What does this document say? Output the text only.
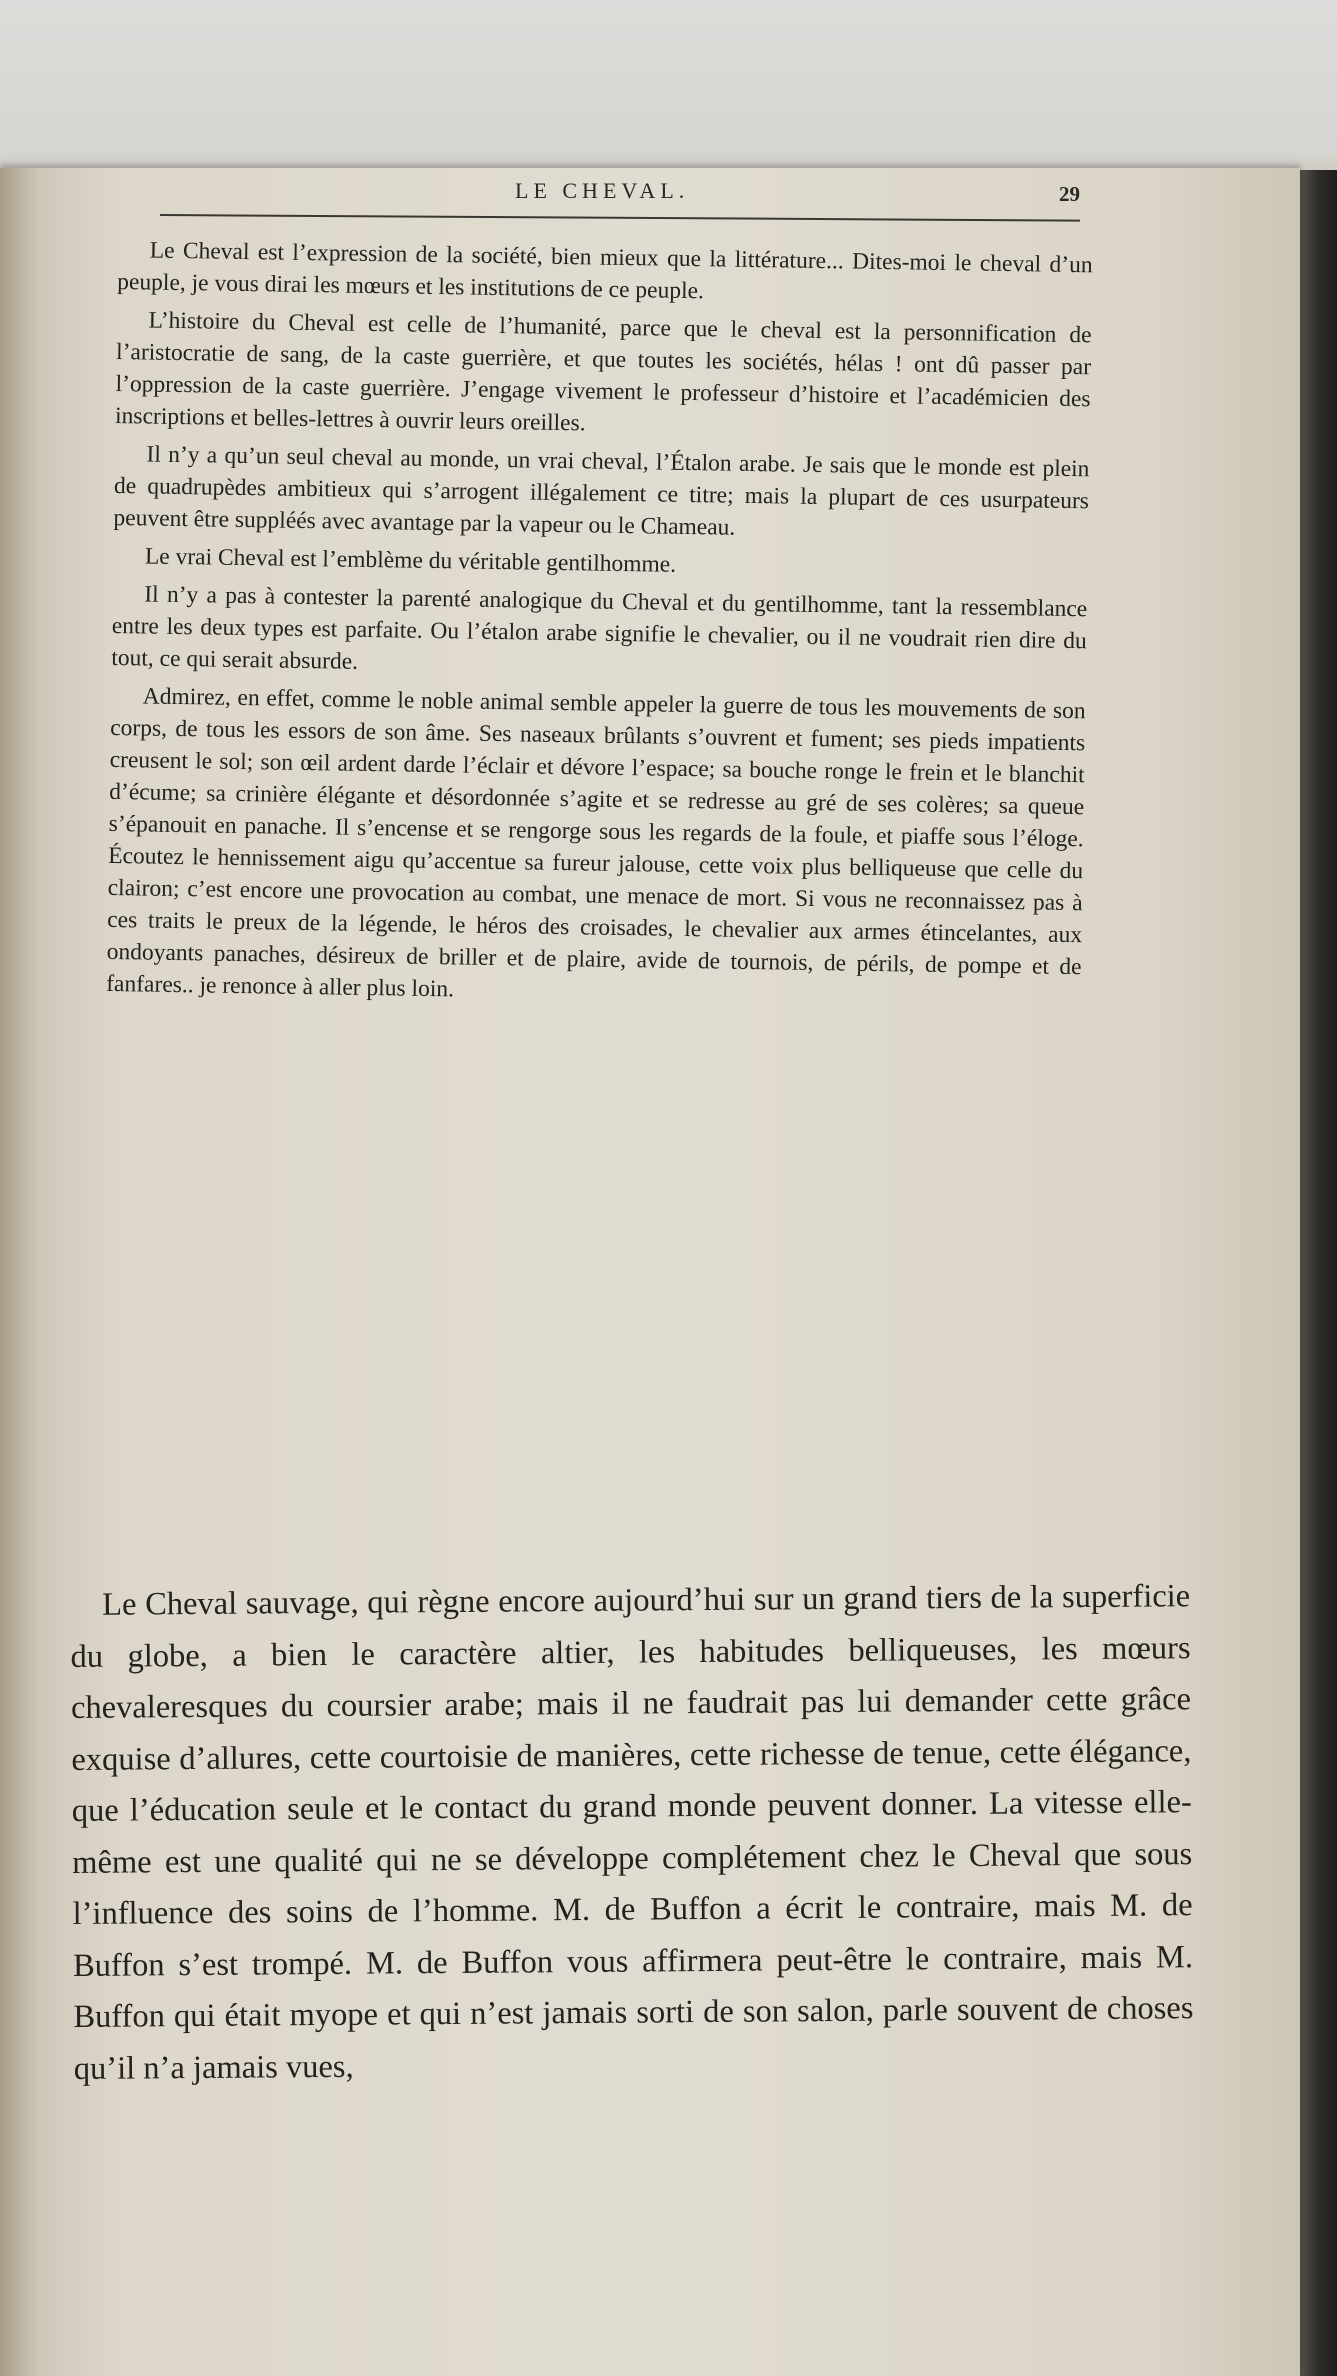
LE CHEVAL.	29

Le Cheval est l’expression de la société, bien mieux que la littérature... Dites-moi le cheval d’un peuple, je vous dirai les mœurs et les institutions de ce peuple.

L’histoire du Cheval est celle de l’humanité, parce que le cheval est la personnification de l’aristocratie de sang, de la caste guerrière, et que toutes les sociétés, hélas ! ont dû passer par l’oppression de la caste guerrière. J’engage vivement le professeur d’histoire et l’académicien des inscriptions et belles-lettres à ouvrir leurs oreilles.

Il n’y a qu’un seul cheval au monde, un vrai cheval, l’Étalon arabe. Je sais que le monde est plein de quadrupèdes ambitieux qui s’arrogent illégalement ce titre; mais la plupart de ces usurpateurs peuvent être suppléés avec avantage par la vapeur ou le Chameau.

Le vrai Cheval est l’emblème du véritable gentilhomme.

Il n’y a pas à contester la parenté analogique du Cheval et du gentilhomme, tant la ressemblance entre les deux types est parfaite. Ou l’étalon arabe signifie le chevalier, ou il ne voudrait rien dire du tout, ce qui serait absurde.

Admirez, en effet, comme le noble animal semble appeler la guerre de tous les mouvements de son corps, de tous les essors de son âme. Ses naseaux brûlants s’ouvrent et fument; ses pieds impatients creusent le sol; son œil ardent darde l’éclair et dévore l’espace; sa bouche ronge le frein et le blanchit d’écume; sa crinière élégante et désordonnée s’agite et se redresse au gré de ses colères; sa queue s’épanouit en panache. Il s’encense et se rengorge sous les regards de la foule, et piaffe sous l’éloge. Écoutez le hennissement aigu qu’accentue sa fureur jalouse, cette voix plus belliqueuse que celle du clairon; c’est encore une provocation au combat, une menace de mort. Si vous ne reconnaissez pas à ces traits le preux de la légende, le héros des croisades, le chevalier aux armes étincelantes, aux ondoyants panaches, désireux de briller et de plaire, avide de tournois, de périls, de pompe et de fanfares.. je renonce à aller plus loin.

Le Cheval sauvage, qui règne encore aujourd’hui sur un grand tiers de la superficie du globe, a bien le caractère altier, les habitudes belliqueuses, les mœurs chevaleresques du coursier arabe; mais il ne faudrait pas lui demander cette grâce exquise d’allures, cette courtoisie de manières, cette richesse de tenue, cette élégance, que l’éducation seule et le contact du grand monde peuvent donner. La vitesse elle-même est une qualité qui ne se développe complétement chez le Cheval que sous l’influence des soins de l’homme. M. de Buffon a écrit le contraire, mais M. de Buffon s’est trompé. M. de Buffon vous affirmera peut-être le contraire, mais M. Buffon qui était myope et qui n’est jamais sorti de son salon, parle souvent de choses qu’il n’a jamais vues,
